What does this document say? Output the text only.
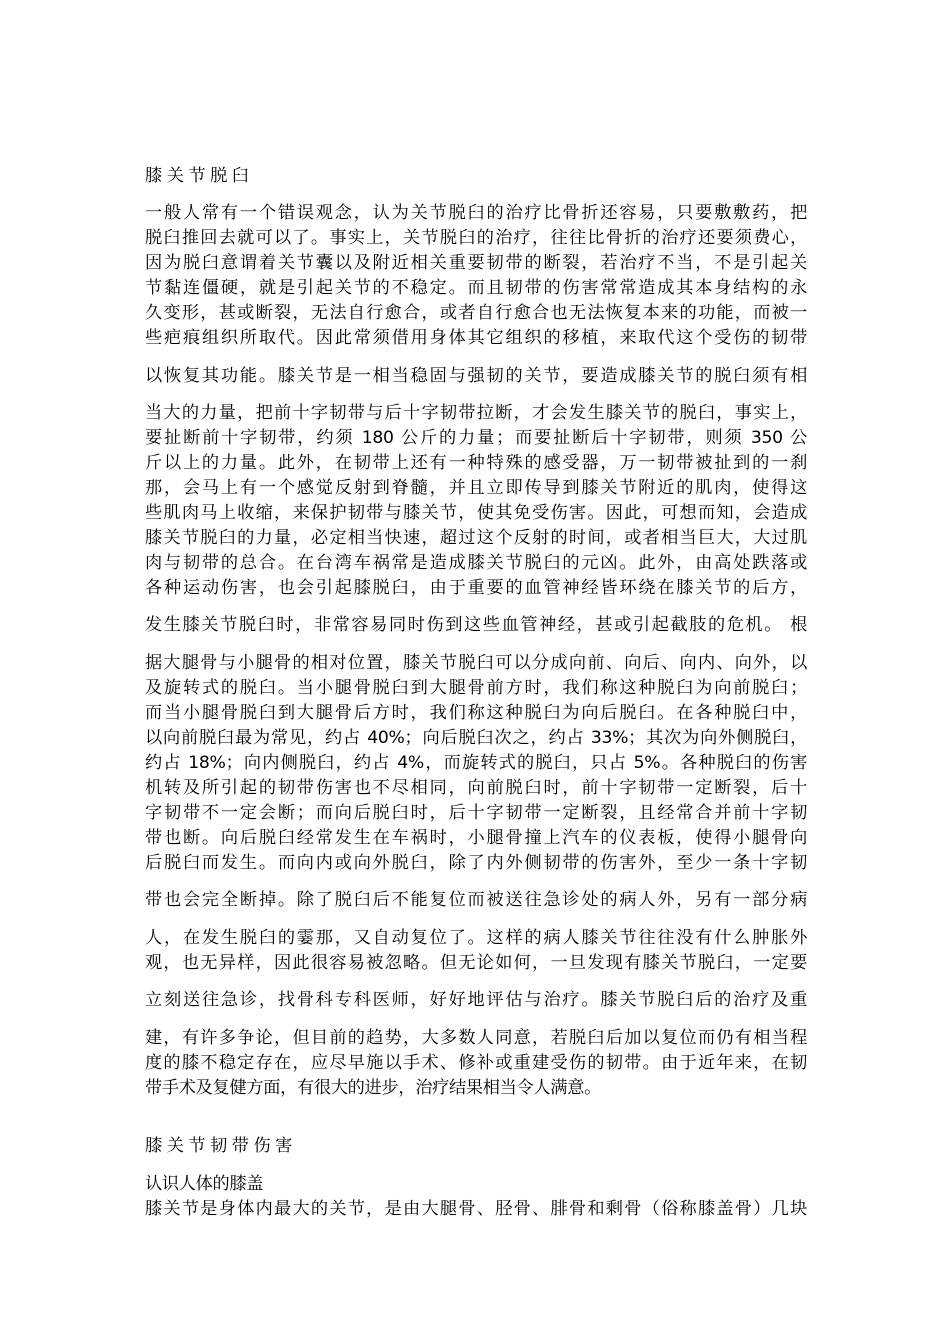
膝关节脱臼
一般人常有一个错误观念，认为关节脱臼的治疗比骨折还容易，只要敷敷药，把
脱臼推回去就可以了。事实上，关节脱臼的治疗，往往比骨折的治疗还要须费心，
因为脱臼意谓着关节囊以及附近相关重要韧带的断裂，若治疗不当，不是引起关
节黏连僵硬，就是引起关节的不稳定。而且韧带的伤害常常造成其本身结构的永
久变形，甚或断裂，无法自行愈合，或者自行愈合也无法恢复本来的功能，而被一
些疤痕组织所取代。因此常须借用身体其它组织的移植，来取代这个受伤的韧带
以恢复其功能。膝关节是一相当稳固与强韧的关节，要造成膝关节的脱臼须有相
当大的力量，把前十字韧带与后十字韧带拉断，才会发生膝关节的脱臼，事实上，
要扯断前十字韧带，约须 180 公斤的力量；而要扯断后十字韧带，则须 350 公
斤以上的力量。此外，在韧带上还有一种特殊的感受器，万一韧带被扯到的一刹
那，会马上有一个感觉反射到脊髓，并且立即传导到膝关节附近的肌肉，使得这
些肌肉马上收缩，来保护韧带与膝关节，使其免受伤害。因此，可想而知，会造成
膝关节脱臼的力量，必定相当快速，超过这个反射的时间，或者相当巨大，大过肌
肉与韧带的总合。在台湾车祸常是造成膝关节脱臼的元凶。此外，由高处跌落或
各种运动伤害，也会引起膝脱臼，由于重要的血管神经皆环绕在膝关节的后方，
发生膝关节脱臼时，非常容易同时伤到这些血管神经，甚或引起截肢的危机。 根
据大腿骨与小腿骨的相对位置，膝关节脱臼可以分成向前、向后、向内、向外，以
及旋转式的脱臼。当小腿骨脱臼到大腿骨前方时，我们称这种脱臼为向前脱臼；
而当小腿骨脱臼到大腿骨后方时，我们称这种脱臼为向后脱臼。在各种脱臼中，
以向前脱臼最为常见，约占 40%；向后脱臼次之，约占 33%；其次为向外侧脱臼，
约占 18%；向内侧脱臼，约占 4%，而旋转式的脱臼，只占 5%。各种脱臼的伤害
机转及所引起的韧带伤害也不尽相同，向前脱臼时，前十字韧带一定断裂，后十
字韧带不一定会断；而向后脱臼时，后十字韧带一定断裂，且经常合并前十字韧
带也断。向后脱臼经常发生在车祸时，小腿骨撞上汽车的仪表板，使得小腿骨向
后脱臼而发生。而向内或向外脱臼，除了内外侧韧带的伤害外，至少一条十字韧
带也会完全断掉。除了脱臼后不能复位而被送往急诊处的病人外，另有一部分病
人，在发生脱臼的霎那，又自动复位了。这样的病人膝关节往往没有什么肿胀外
观，也无异样，因此很容易被忽略。但无论如何，一旦发现有膝关节脱臼，一定要
立刻送往急诊，找骨科专科医师，好好地评估与治疗。膝关节脱臼后的治疗及重
建，有许多争论，但目前的趋势，大多数人同意，若脱臼后加以复位而仍有相当程
度的膝不稳定存在，应尽早施以手术、修补或重建受伤的韧带。由于近年来，在韧
带手术及复健方面，有很大的进步，治疗结果相当令人满意。
膝关节韧带伤害
认识人体的膝盖
膝关节是身体内最大的关节，是由大腿骨、胫骨、腓骨和剩骨（俗称膝盖骨）几块
